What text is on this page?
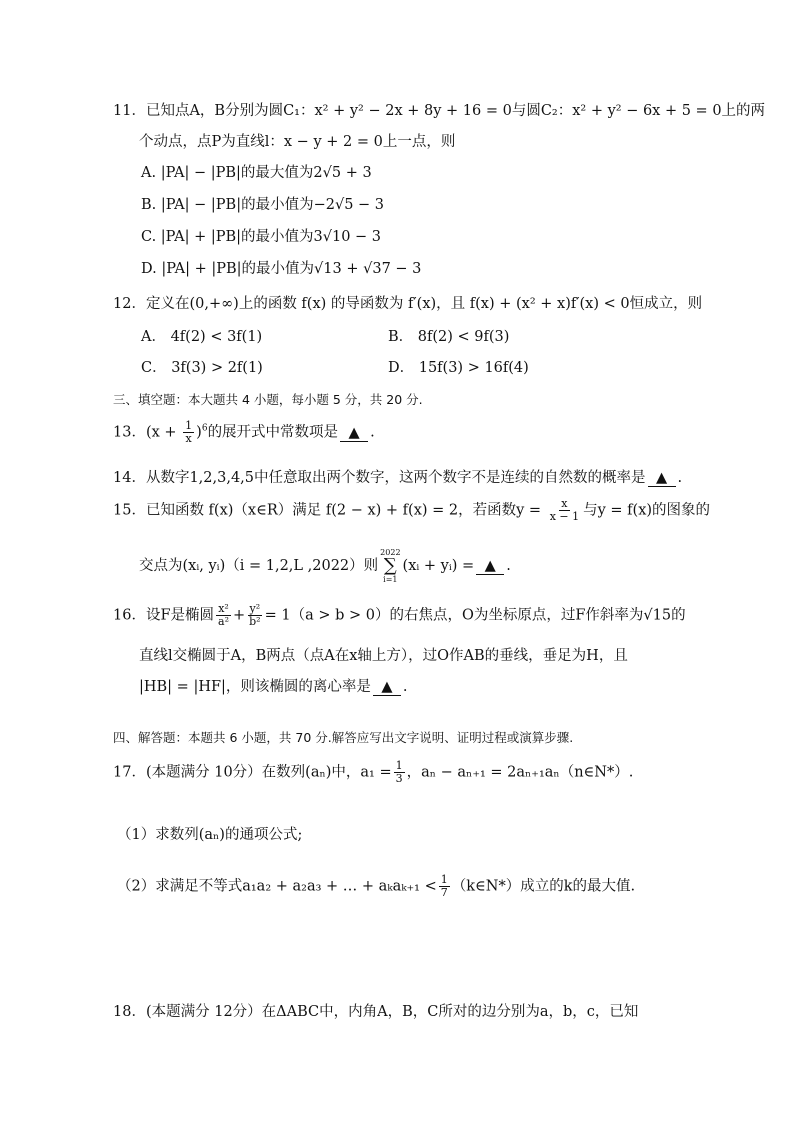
11．已知点A，B分别为圆C₁：x² + y² − 2x + 8y + 16 = 0与圆C₂：x² + y² − 6x + 5 = 0上的两
个动点，点P为直线l：x − y + 2 = 0上一点，则
A. |PA| − |PB|的最大值为2√5 + 3
B. |PA| − |PB|的最小值为−2√5 − 3
C. |PA| + |PB|的最小值为3√10 − 3
D. |PA| + |PB|的最小值为√13 + √37 − 3
12．定义在(0,+∞)上的函数 f(x) 的导函数为 f′(x)，且 f(x) + (x² + x)f′(x) < 0恒成立，则
A． 4f(2) < 3f(1)	B． 8f(2) < 9f(3)
C． 3f(3) > 2f(1)	D． 15f(3) > 16f(4)
三、填空题：本大题共 4 小题，每小题 5 分，共 20 分.
13．$(x + \frac{1}{x} )^6$的展开式中常数项是 ▲ .
14．从数字1,2,3,4,5中任意取出两个数字，这两个数字不是连续的自然数的概率是 ▲ .
15．已知函数 f(x)（x∈R）满足 f(2 − x) + f(x) = 2，若函数$y = \frac{x}{x - 1}$ 与y = f(x)的图象的
交点为(xᵢ, yᵢ)（i = 1,2,L ,2022）则
2022
∑
i=1
(xᵢ + yᵢ) = ▲ .
16．设F是椭圆 $\frac{\text{x²}}{\text{a²}} + \frac{\text{y²}}{\text{b²}} = 1(a > b > 0)$的右焦点，O为坐标原点，过F作斜率为√15的
直线l交椭圆于A，B两点（点A在x轴上方），过O作AB的垂线，垂足为H，且
|HB| = |HF|，则该椭圆的离心率是 ▲ .
四、解答题：本题共 6 小题，共 70 分.解答应写出文字说明、证明过程或演算步骤.
17．(本题满分 10分）在数列(aₙ)中，$a_1 = \frac{1}{3}$ ，aₙ − aₙ₊₁ = 2aₙ₊₁aₙ（n∈N*）.
（1）求数列(aₙ)的通项公式;
（2）求满足不等式a₁a₂ + a₂a₃ + … + $a_ka_{k+1} < \frac{1}{7}$ （k∈N*）成立的k的最大值.
18．(本题满分 12分）在ΔABC中，内角A，B，C所对的边分别为a，b，c，已知
